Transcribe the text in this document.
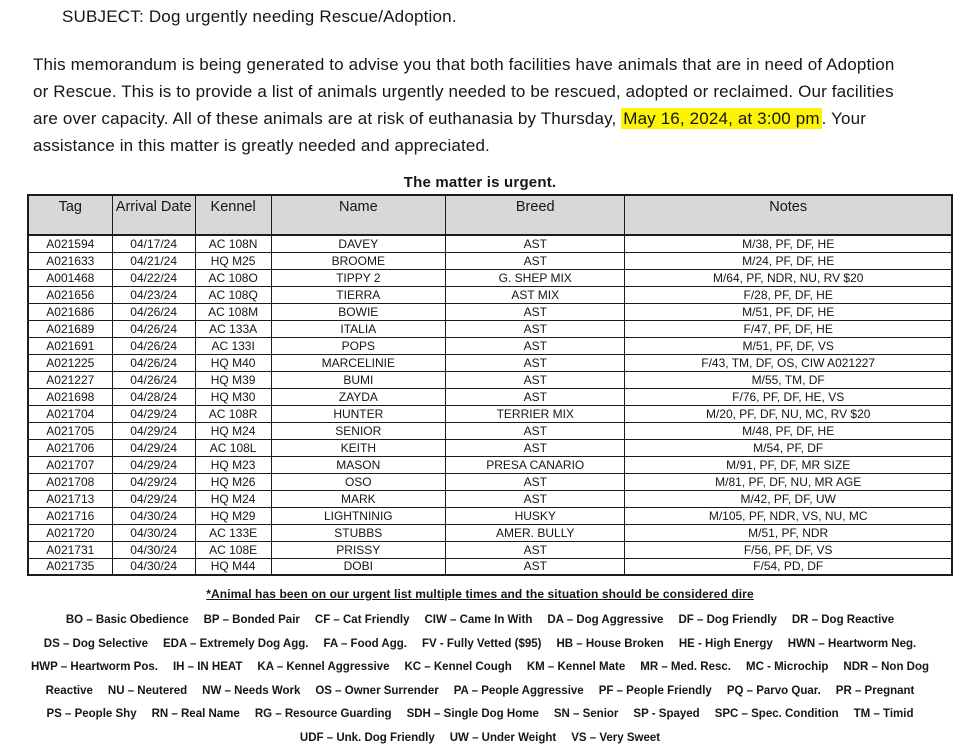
SUBJECT: Dog urgently needing Rescue/Adoption.

This memorandum is being generated to advise you that both facilities have animals that are in need of Adoption or Rescue. This is to provide a list of animals urgently needed to be rescued, adopted or reclaimed. Our facilities are over capacity. All of these animals are at risk of euthanasia by Thursday, May 16, 2024, at 3:00 pm . Your assistance in this matter is greatly needed and appreciated.

The matter is urgent.
Tag	Arrival Date	Kennel	Name	Breed	Notes
A021594	04/17/24	AC 108N	DAVEY	AST	M/38, PF, DF, HE
A021633	04/21/24	HQ M25	BROOME	AST	M/24, PF, DF, HE
A001468	04/22/24	AC 108O	TIPPY 2	G. SHEP MIX	M/64, PF, NDR, NU, RV $20
A021656	04/23/24	AC 108Q	TIERRA	AST MIX	F/28, PF, DF, HE
A021686	04/26/24	AC 108M	BOWIE	AST	M/51, PF, DF, HE
A021689	04/26/24	AC 133A	ITALIA	AST	F/47, PF, DF, HE
A021691	04/26/24	AC 133I	POPS	AST	M/51, PF, DF, VS
A021225	04/26/24	HQ M40	MARCELINIE	AST	F/43, TM, DF, OS, CIW A021227
A021227	04/26/24	HQ M39	BUMI	AST	M/55, TM, DF
A021698	04/28/24	HQ M30	ZAYDA	AST	F/76, PF, DF, HE, VS
A021704	04/29/24	AC 108R	HUNTER	TERRIER MIX	M/20, PF, DF, NU, MC, RV $20
A021705	04/29/24	HQ M24	SENIOR	AST	M/48, PF, DF, HE
A021706	04/29/24	AC 108L	KEITH	AST	M/54, PF, DF
A021707	04/29/24	HQ M23	MASON	PRESA CANARIO	M/91, PF, DF, MR SIZE
A021708	04/29/24	HQ M26	OSO	AST	M/81, PF, DF, NU, MR AGE
A021713	04/29/24	HQ M24	MARK	AST	M/42, PF, DF, UW
A021716	04/30/24	HQ M29	LIGHTNINIG	HUSKY	M/105, PF, NDR, VS, NU, MC
A021720	04/30/24	AC 133E	STUBBS	AMER. BULLY	M/51, PF, NDR
A021731	04/30/24	AC 108E	PRISSY	AST	F/56, PF, DF, VS
A021735	04/30/24	HQ M44	DOBI	AST	F/54, PD, DF
*Animal has been on our urgent list multiple times and the situation should be considered dire
BO – Basic Obedience BP – Bonded Pair CF – Cat Friendly CIW – Came In With DA – Dog Aggressive DF – Dog Friendly DR – Dog Reactive
DS – Dog Selective EDA – Extremely Dog Agg. FA – Food Agg. FV - Fully Vetted ($95) HB – House Broken HE - High Energy HWN – Heartworm Neg.
HWP – Heartworm Pos. IH – IN HEAT KA – Kennel Aggressive KC – Kennel Cough KM – Kennel Mate MR – Med. Resc. MC - Microchip NDR – Non Dog
Reactive NU – Neutered NW – Needs Work OS – Owner Surrender PA – People Aggressive PF – People Friendly PQ – Parvo Quar. PR – Pregnant
PS – People Shy RN – Real Name RG – Resource Guarding SDH – Single Dog Home SN – Senior SP - Spayed SPC – Spec. Condition TM – Timid
UDF – Unk. Dog Friendly UW – Under Weight VS – Very Sweet
